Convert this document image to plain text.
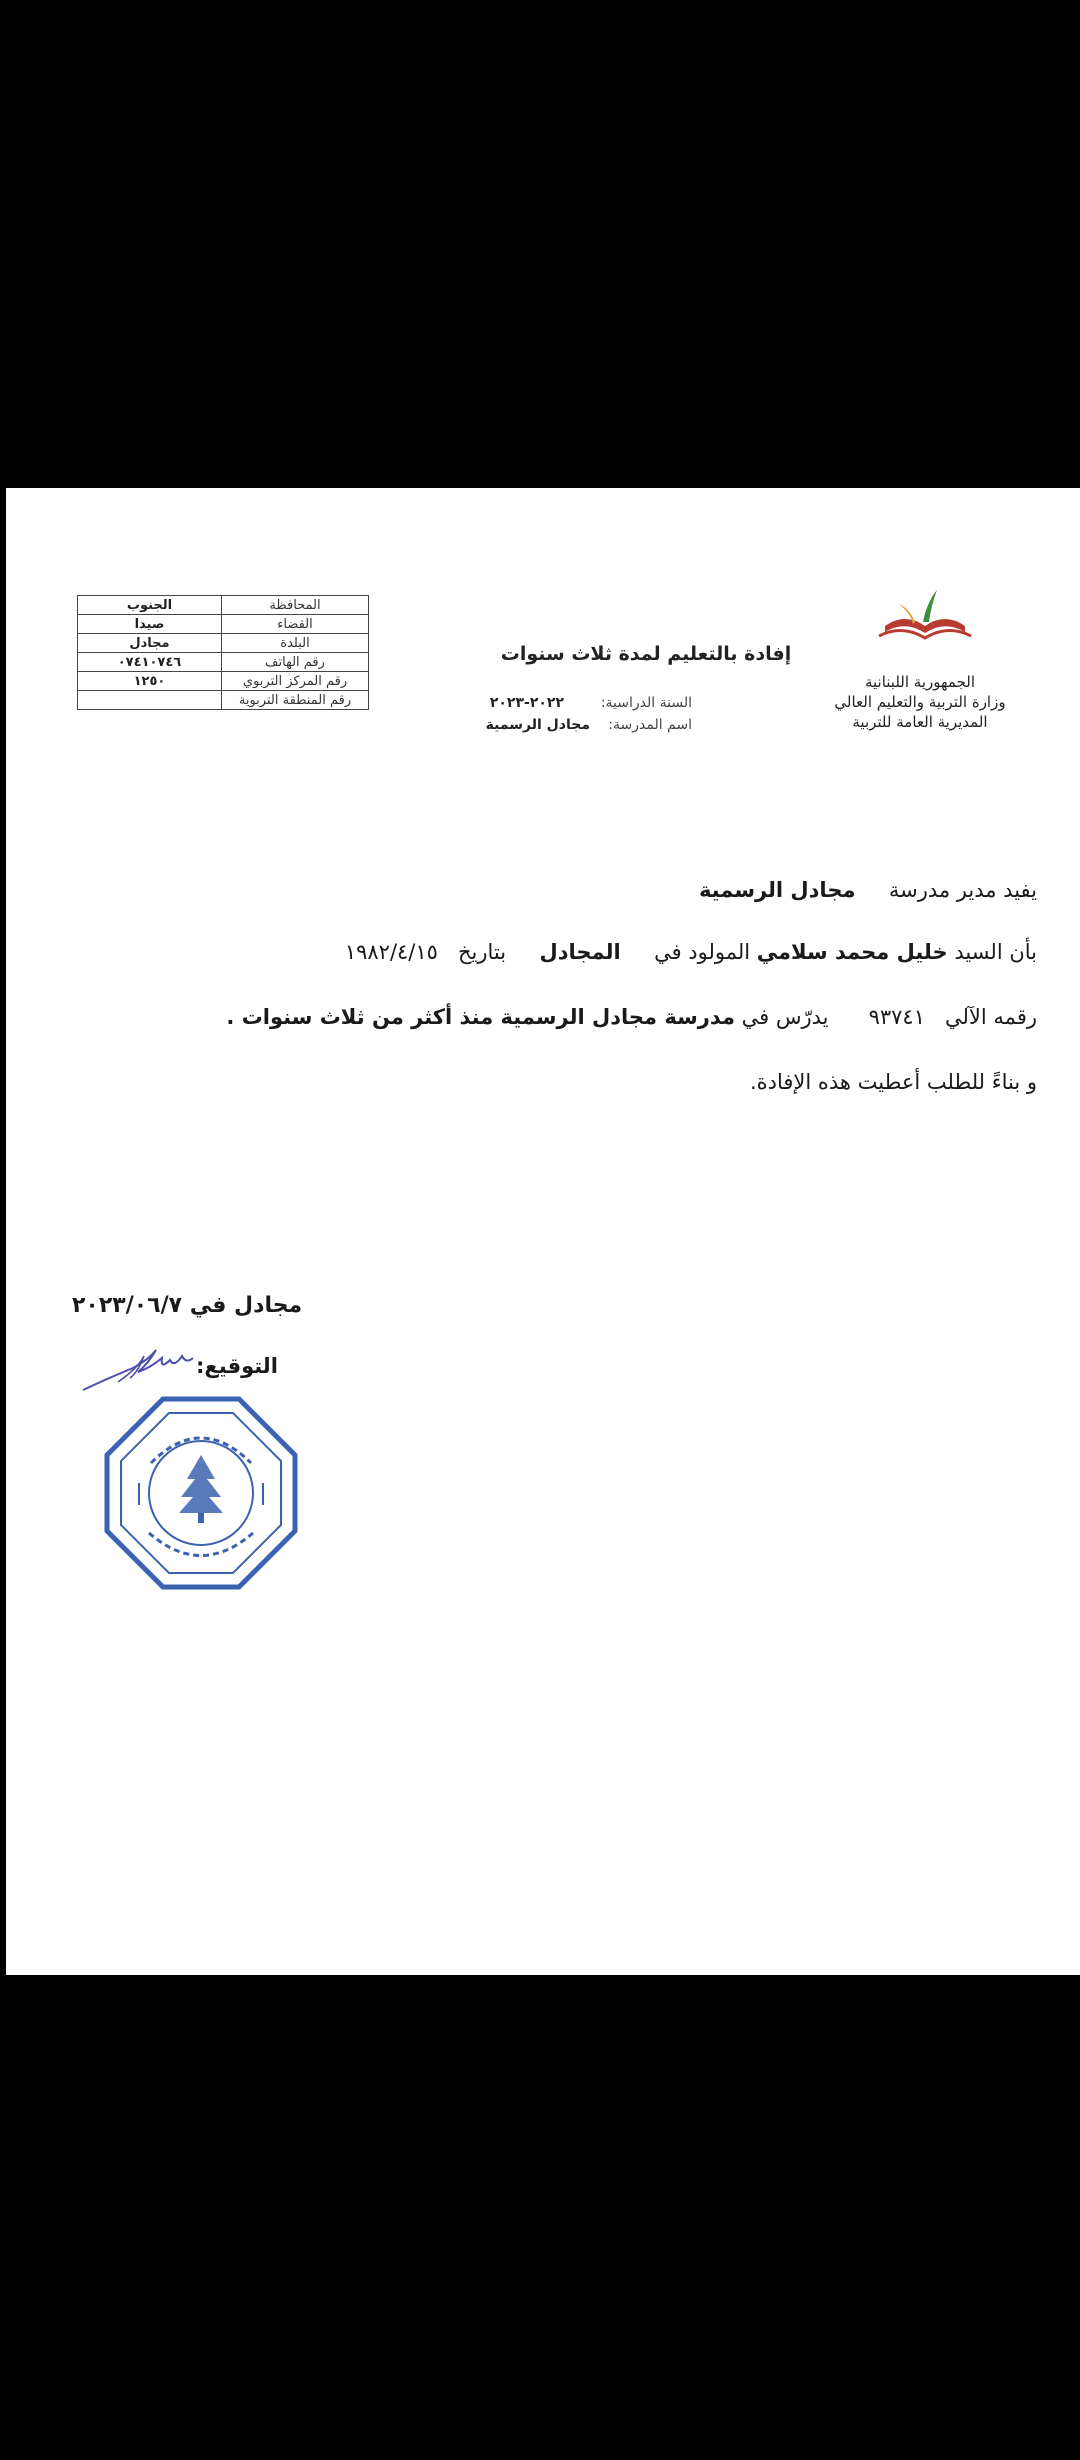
المحافظة	الجنوب
القضاء	صيدا
البلدة	مجادل
رقم الهاتف	٠٧٤١٠٧٤٦
رقم المركز التربوي	١٢٥٠
رقم المنطقة التربوية	
إفادة بالتعليم لمدة ثلاث سنوات
السنة الدراسية:
٢٠٢٢-٢٠٢٣
اسم المدرسة:
مجادل الرسمية
الجمهورية اللبنانية
وزارة التربية والتعليم العالي
المديرية العامة للتربية
يفيد مدير مدرسة     مجادل الرسمية
بأن السيد خليل محمد سلامي المولود في     المجادل     بتاريخ   ١٩٨٢/٤/١٥
رقمه الآلي   ٩٣٧٤١      يدرّس في مدرسة مجادل الرسمية منذ أكثر من ثلاث سنوات .
و بناءً للطلب أعطيت هذه الإفادة.
مجادل في ٢٠٢٣/٠٦/٧
التوقيع:
